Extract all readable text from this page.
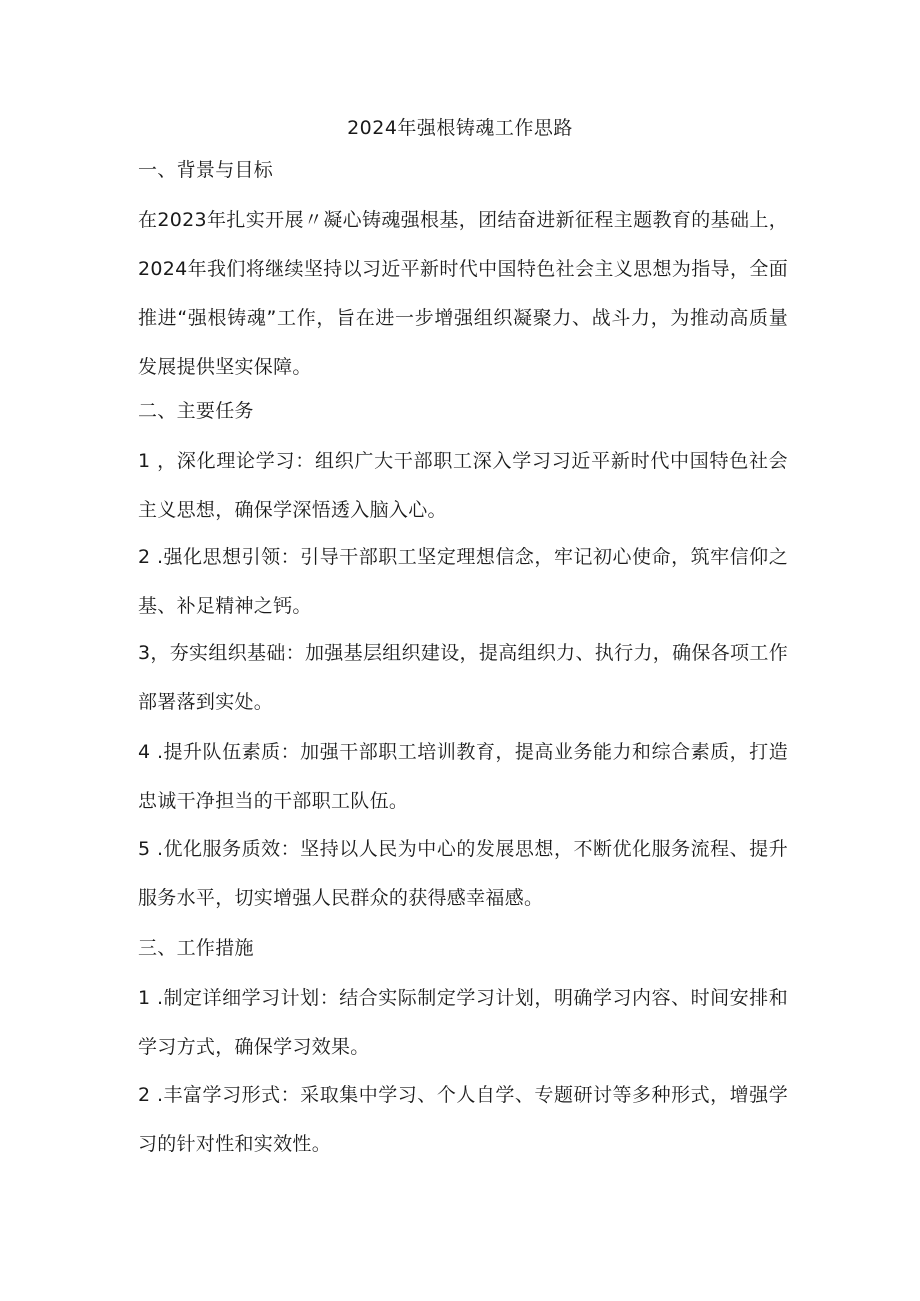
2024年强根铸魂工作思路

一、背景与目标

在2023年扎实开展〃凝心铸魂强根基，团结奋进新征程主题教育的基础上，2024年我们将继续坚持以习近平新时代中国特色社会主义思想为指导，全面推进“强根铸魂”工作，旨在进一步增强组织凝聚力、战斗力，为推动高质量发展提供坚实保障。

二、主要任务

1 ，深化理论学习：组织广大干部职工深入学习习近平新时代中国特色社会主义思想，确保学深悟透入脑入心。

2 .强化思想引领：引导干部职工坚定理想信念，牢记初心使命，筑牢信仰之基、补足精神之钙。

3，夯实组织基础：加强基层组织建设，提高组织力、执行力，确保各项工作部署落到实处。

4 .提升队伍素质：加强干部职工培训教育，提高业务能力和综合素质，打造忠诚干净担当的干部职工队伍。

5 .优化服务质效：坚持以人民为中心的发展思想，不断优化服务流程、提升服务水平，切实增强人民群众的获得感幸福感。

三、工作措施

1 .制定详细学习计划：结合实际制定学习计划，明确学习内容、时间安排和学习方式，确保学习效果。

2 .丰富学习形式：采取集中学习、个人自学、专题研讨等多种形式，增强学习的针对性和实效性。
